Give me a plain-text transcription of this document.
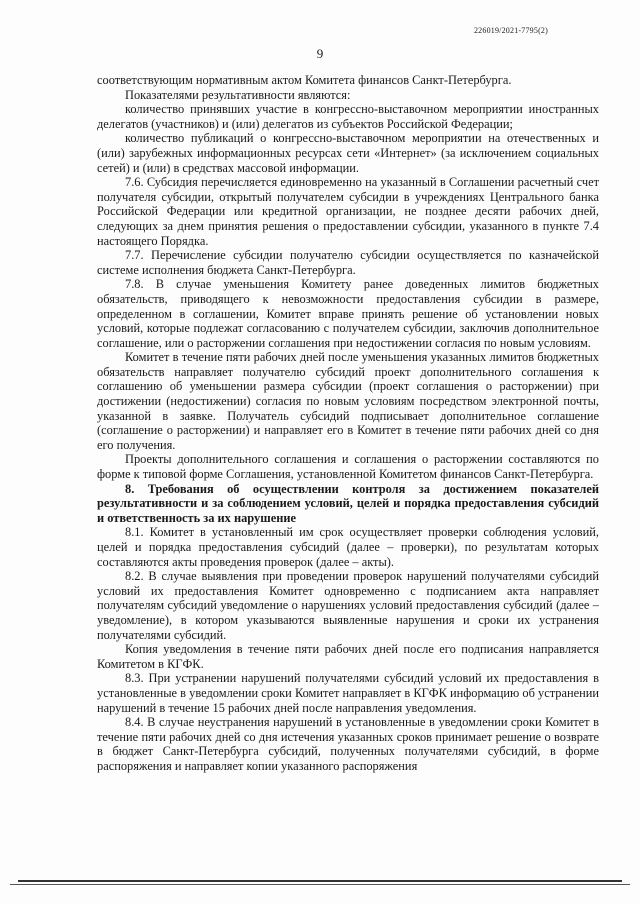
226019/2021-7795(2)
9

соответствующим нормативным актом Комитета финансов Санкт-Петербурга.

Показателями результативности являются:

количество принявших участие в конгрессно-выставочном мероприятии иностранных делегатов (участников) и (или) делегатов из субъектов Российской Федерации;

количество публикаций о конгрессно-выставочном мероприятии на отечественных и (или) зарубежных информационных ресурсах сети «Интернет» (за исключением социальных сетей) и (или) в средствах массовой информации.

7.6. Субсидия перечисляется единовременно на указанный в Соглашении расчетный счет получателя субсидии, открытый получателем субсидии в учреждениях Центрального банка Российской Федерации или кредитной организации, не позднее десяти рабочих дней, следующих за днем принятия решения о предоставлении субсидии, указанного в пункте 7.4 настоящего Порядка.

7.7. Перечисление субсидии получателю субсидии осуществляется по казначейской системе исполнения бюджета Санкт-Петербурга.

7.8. В случае уменьшения Комитету ранее доведенных лимитов бюджетных обязательств, приводящего к невозможности предоставления субсидии в размере, определенном в соглашении, Комитет вправе принять решение об установлении новых условий, которые подлежат согласованию с получателем субсидии, заключив дополнительное соглашение, или о расторжении соглашения при недостижении согласия по новым условиям.

Комитет в течение пяти рабочих дней после уменьшения указанных лимитов бюджетных обязательств направляет получателю субсидий проект дополнительного соглашения к соглашению об уменьшении размера субсидии (проект соглашения о расторжении) при достижении (недостижении) согласия по новым условиям посредством электронной почты, указанной в заявке. Получатель субсидий подписывает дополнительное соглашение (соглашение о расторжении) и направляет его в Комитет в течение пяти рабочих дней со дня его получения.

Проекты дополнительного соглашения и соглашения о расторжении составляются по форме к типовой форме Соглашения, установленной Комитетом финансов Санкт-Петербурга.

8. Требования об осуществлении контроля за достижением показателей результативности и за соблюдением условий, целей и порядка предоставления субсидий и ответственность за их нарушение

8.1. Комитет в установленный им срок осуществляет проверки соблюдения условий, целей и порядка предоставления субсидий (далее – проверки), по результатам которых составляются акты проведения проверок (далее – акты).

8.2. В случае выявления при проведении проверок нарушений получателями субсидий условий их предоставления Комитет одновременно с подписанием акта направляет получателям субсидий уведомление о нарушениях условий предоставления субсидий (далее – уведомление), в котором указываются выявленные нарушения и сроки их устранения получателями субсидий.

Копия уведомления в течение пяти рабочих дней после его подписания направляется Комитетом в КГФК.

8.3. При устранении нарушений получателями субсидий условий их предоставления в установленные в уведомлении сроки Комитет направляет в КГФК информацию об устранении нарушений в течение 15 рабочих дней после направления уведомления.

8.4. В случае неустранения нарушений в установленные в уведомлении сроки Комитет в течение пяти рабочих дней со дня истечения указанных сроков принимает решение о возврате в бюджет Санкт-Петербурга субсидий, полученных получателями субсидий, в форме распоряжения и направляет копии указанного распоряжения
